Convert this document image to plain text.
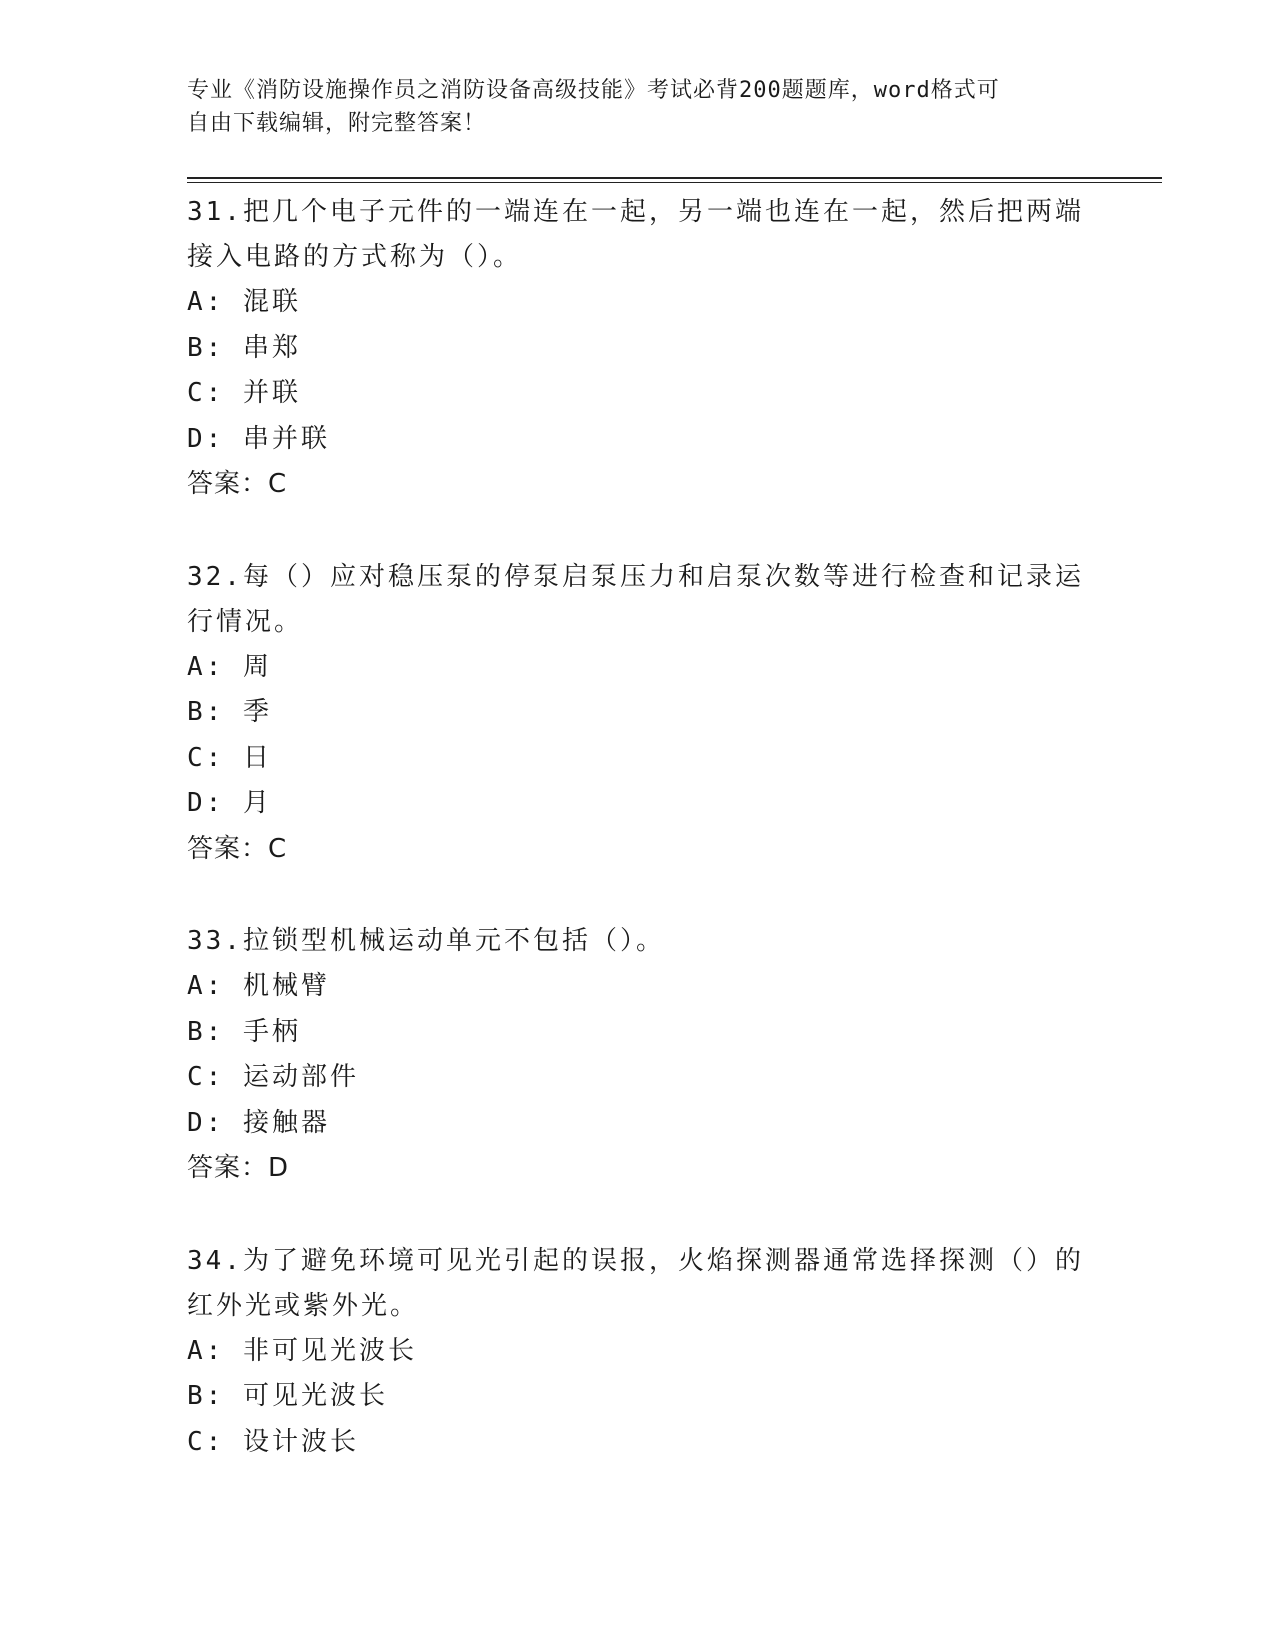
专业《消防设施操作员之消防设备高级技能》考试必背200题题库，word格式可
自由下载编辑，附完整答案！

31.把几个电子元件的一端连在一起，另一端也连在一起，然后把两端

接入电路的方式称为（）。

A: 混联

B: 串郑

C: 并联

D: 串并联

答案：C

32.每（）应对稳压泵的停泵启泵压力和启泵次数等进行检查和记录运

行情况。

A: 周

B: 季

C: 日

D: 月

答案：C

33.拉锁型机械运动单元不包括（）。

A: 机械臂

B: 手柄

C: 运动部件

D: 接触器

答案：D

34.为了避免环境可见光引起的误报，火焰探测器通常选择探测（）的

红外光或紫外光。

A: 非可见光波长

B: 可见光波长

C: 设计波长
